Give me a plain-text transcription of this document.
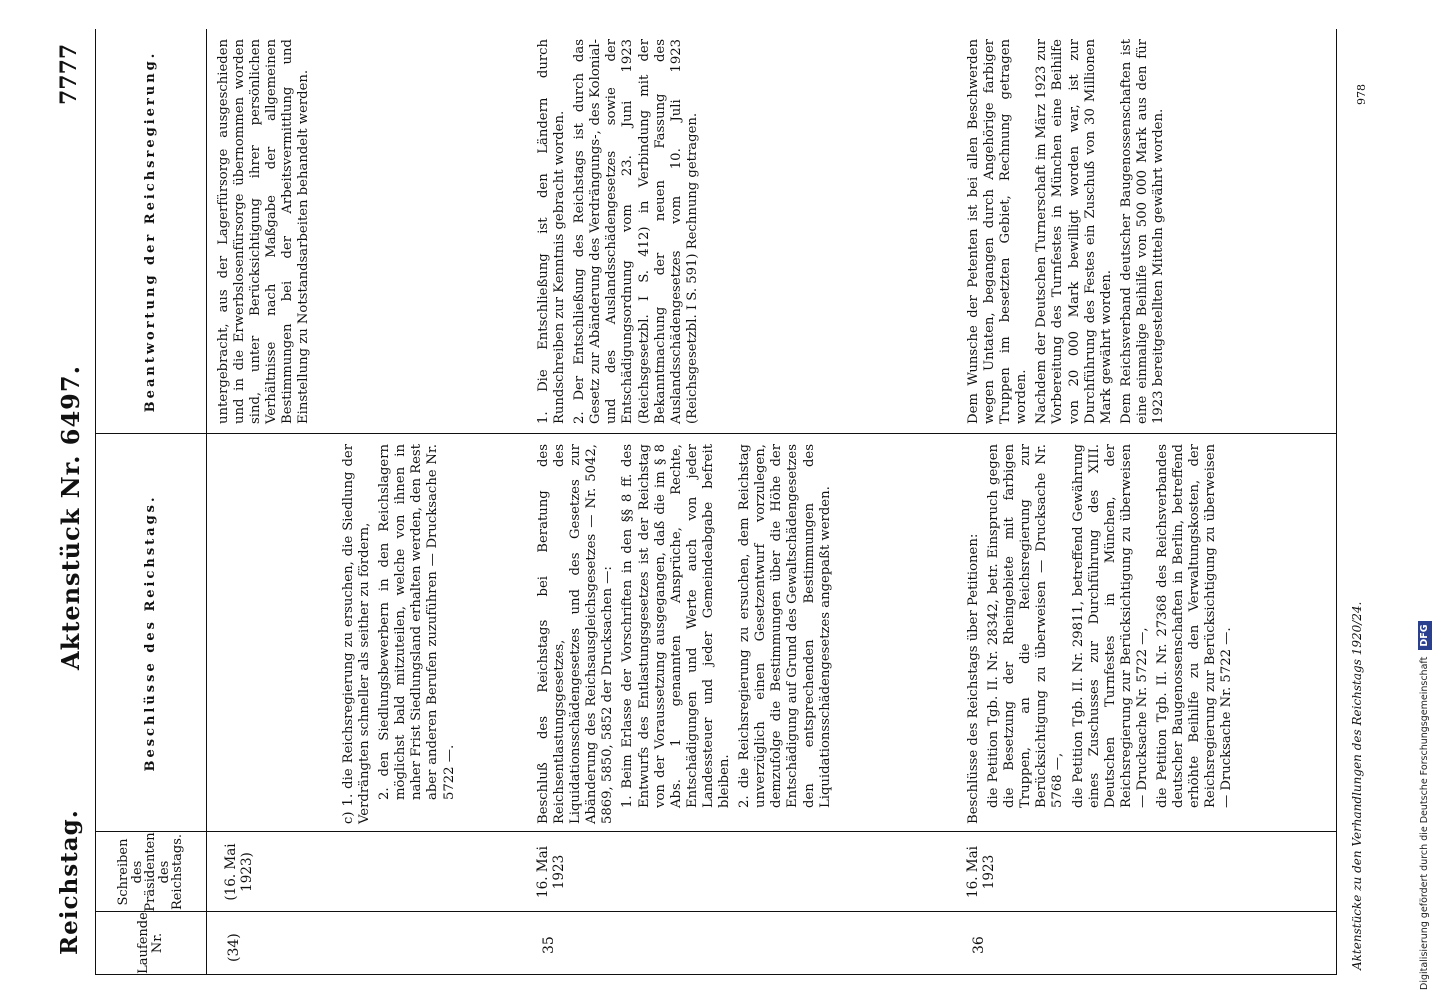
Reichstag.
Aktenstück Nr. 6497.
7777
Laufende Nr.
Schreiben des Präsidenten des Reichstags.
Beschlüsse des Reichstags.
Beantwortung der Reichsregierung.
(34)
(16. Mai 1923)

c) 1. die Reichsregierung zu ersuchen, die Siedlung der Verdrängten schneller als seither zu fördern, 2. den Siedlungsbewerbern in den Reichslagern möglichst bald mitzuteilen, welche von ihnen in naher Frist Siedlungsland erhalten werden, den Rest aber anderen Berufen zuzuführen — Drucksache Nr. 5722 —.

untergebracht, aus der Lagerfürsorge ausgeschieden und in die Erwerbslosenfürsorge übernommen worden sind, unter Berücksichtigung ihrer persönlichen Verhältnisse nach Maßgabe der allgemeinen Bestimmungen bei der Arbeitsvermittlung und Einstellung zu Notstandsarbeiten behandelt werden.

35
16. Mai 1923

Beschluß des Reichstags bei Beratung des Reichsentlastungsgesetzes, des Liquidationsschädengesetzes und des Gesetzes zur Abänderung des Reichsausgleichsgesetzes — Nr. 5042, 5869, 5850, 5852 der Drucksachen —: 1. Beim Erlasse der Vorschriften in den §§ 8 ff. des Entwurfs des Entlastungsgesetzes ist der Reichstag von der Voraussetzung ausgegangen, daß die im § 8 Abs. 1 genannten Ansprüche, Rechte, Entschädigungen und Werte auch von jeder Landessteuer und jeder Gemeindeabgabe befreit bleiben. 2. die Reichsregierung zu ersuchen, dem Reichstag unverzüglich einen Gesetzentwurf vorzulegen, demzufolge die Bestimmungen über die Höhe der Entschädigung auf Grund des Gewaltschädengesetzes den entsprechenden Bestimmungen des Liquidationsschädengesetzes angepaßt werden.

1. Die Entschließung ist den Ländern durch Rundschreiben zur Kenntnis gebracht worden. 2. Der Entschließung des Reichstags ist durch das Gesetz zur Abänderung des Verdrängungs-, des Kolonial- und des Auslandsschädengesetzes sowie der Entschädigungsordnung vom 23. Juni 1923 (Reichsgesetzbl. I S. 412) in Verbindung mit der Bekanntmachung der neuen Fassung des Auslandsschädengesetzes vom 10. Juli 1923 (Reichsgesetzbl. I S. 591) Rechnung getragen.

36
16. Mai 1923

Beschlüsse des Reichstags über Petitionen: die Petition Tgb. II. Nr. 28342, betr. Einspruch gegen die Besetzung der Rheingebiete mit farbigen Truppen, an die Reichsregierung zur Berücksichtigung zu überweisen — Drucksache Nr. 5768 —, die Petition Tgb. II. Nr. 29811, betreffend Gewährung eines Zuschusses zur Durchführung des XIII. Deutschen Turnfestes in München, der Reichsregierung zur Berücksichtigung zu überweisen — Drucksache Nr. 5722 —, die Petition Tgb. II. Nr. 27368 des Reichsverbandes deutscher Baugenossenschaften in Berlin, betreffend erhöhte Beihilfe zu den Verwaltungskosten, der Reichsregierung zur Berücksichtigung zu überweisen — Drucksache Nr. 5722 —.

Dem Wunsche der Petenten ist bei allen Beschwerden wegen Untaten, begangen durch Angehörige farbiger Truppen im besetzten Gebiet, Rechnung getragen worden. Nachdem der Deutschen Turnerschaft im März 1923 zur Vorbereitung des Turnfestes in München eine Beihilfe von 20 000 Mark bewilligt worden war, ist zur Durchführung des Festes ein Zuschuß von 30 Millionen Mark gewährt worden. Dem Reichsverband deutscher Baugenossenschaften ist eine einmalige Beihilfe von 500 000 Mark aus den für 1923 bereitgestellten Mitteln gewährt worden.

Aktenstücke zu den Verhandlungen des Reichstags 1920/24.
978
Digitalisierung gefördert durch die Deutsche Forschungsgemeinschaft DFG
